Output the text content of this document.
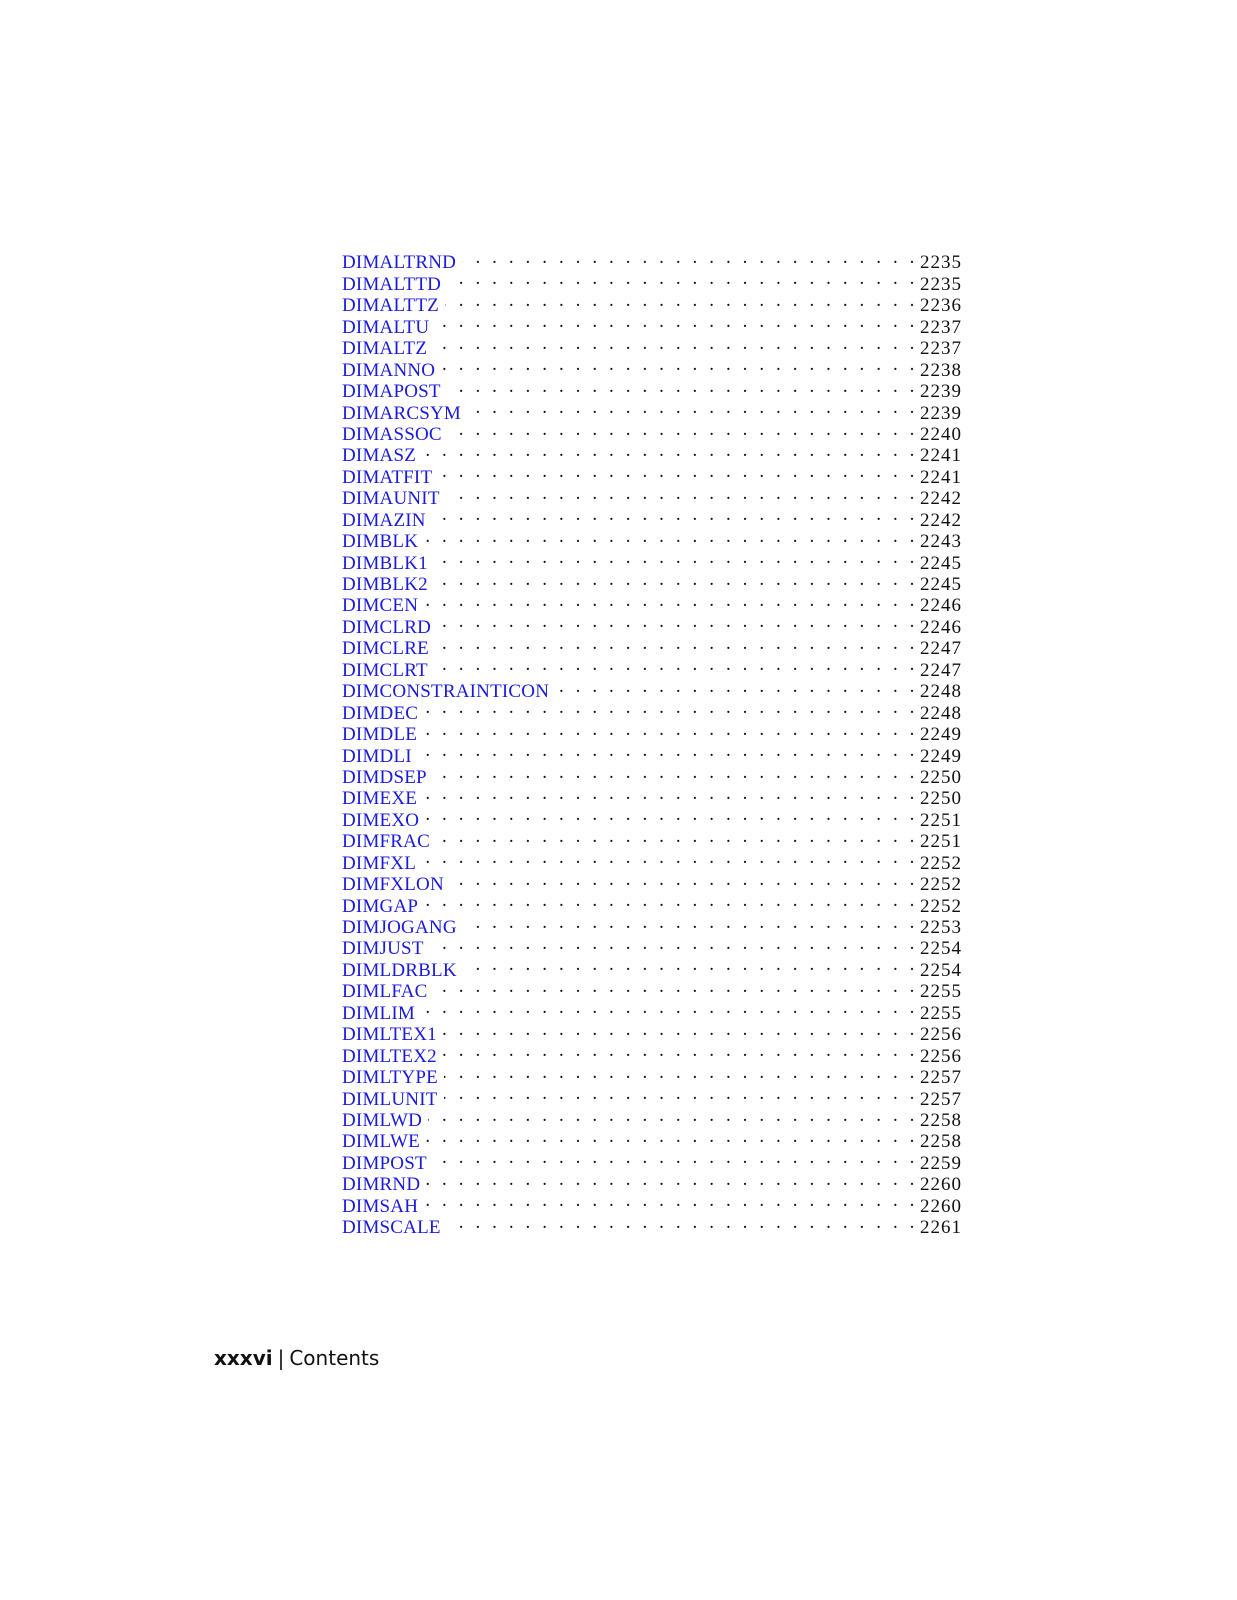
DIMALTRND . . .	2235
DIMALTTD . . .	2235
DIMALTTZ . . .	2236
DIMALTU . . .	2237
DIMALTZ . . .	2237
DIMANNO . . .	2238
DIMAPOST . . .	2239
DIMARCSYM . . .	2239
DIMASSOC . . .	2240
DIMASZ . . .	2241
DIMATFIT . . .	2241
DIMAUNIT . . .	2242
DIMAZIN . . .	2242
DIMBLK . . .	2243
DIMBLK1 . . .	2245
DIMBLK2 . . .	2245
DIMCEN . . .	2246
DIMCLRD . . .	2246
DIMCLRE . . .	2247
DIMCLRT . . .	2247
DIMCONSTRAINTICON . . .	2248
DIMDEC . . .	2248
DIMDLE . . .	2249
DIMDLI . . .	2249
DIMDSEP . . .	2250
DIMEXE . . .	2250
DIMEXO . . .	2251
DIMFRAC . . .	2251
DIMFXL . . .	2252
DIMFXLON . . .	2252
DIMGAP . . .	2252
DIMJOGANG . . .	2253
DIMJUST . . .	2254
DIMLDRBLK . . .	2254
DIMLFAC . . .	2255
DIMLIM . . .	2255
DIMLTEX1 . . .	2256
DIMLTEX2 . . .	2256
DIMLTYPE . . .	2257
DIMLUNIT . . .	2257
DIMLWD . . .	2258
DIMLWE . . .	2258
DIMPOST . . .	2259
DIMRND . . .	2260
DIMSAH . . .	2260
DIMSCALE . . .	2261
xxxvi | Contents
